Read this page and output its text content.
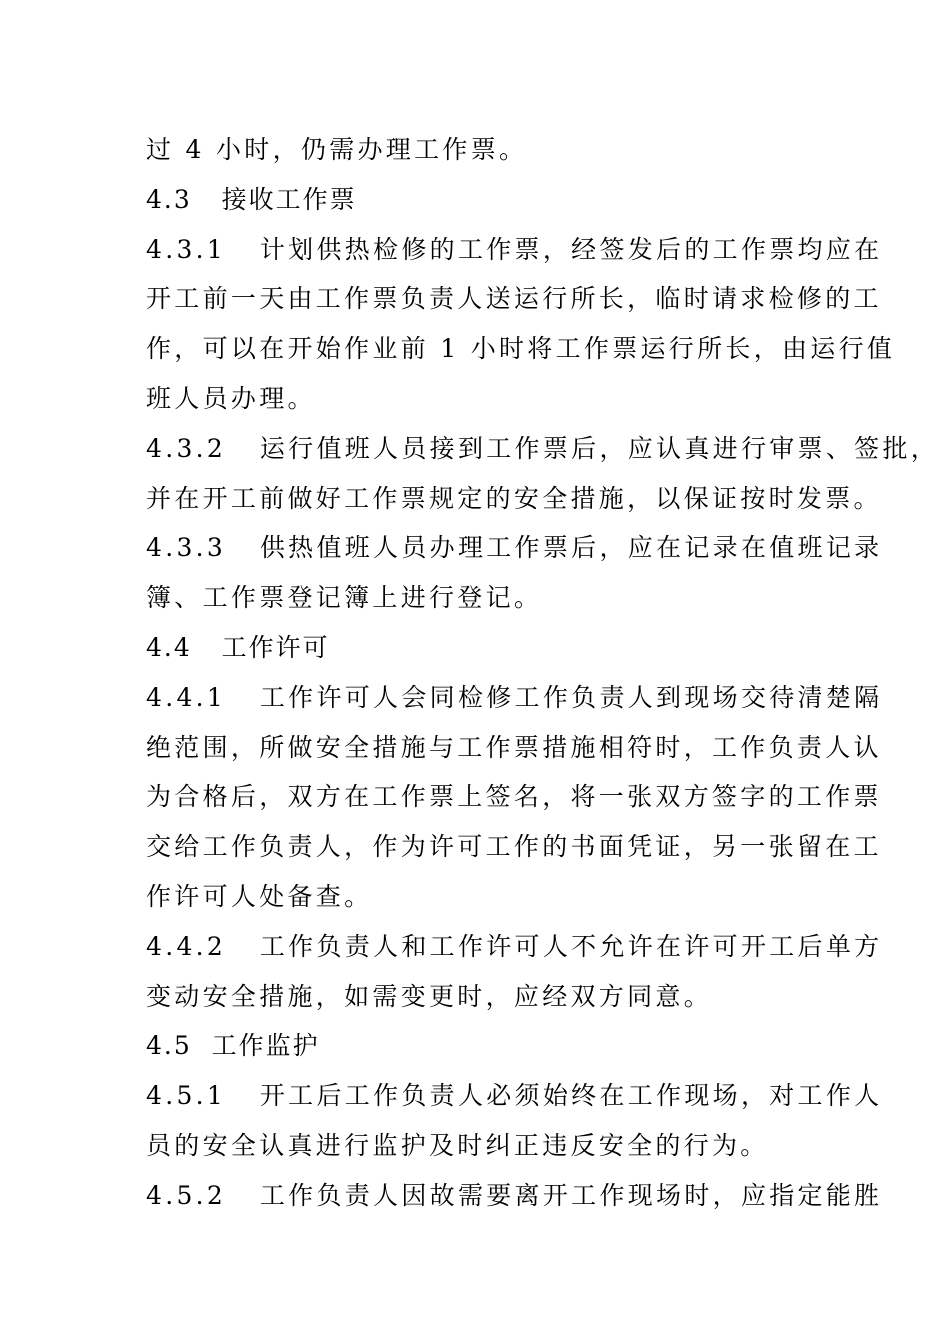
过 4 小时，仍需办理工作票。
4.3   接收工作票
4.3.1   计划供热检修的工作票，经签发后的工作票均应在
开工前一天由工作票负责人送运行所长，临时请求检修的工
作，可以在开始作业前 1 小时将工作票运行所长，由运行值
班人员办理。
4.3.2   运行值班人员接到工作票后，应认真进行审票、签批，
并在开工前做好工作票规定的安全措施，以保证按时发票。
4.3.3   供热值班人员办理工作票后，应在记录在值班记录
簿、工作票登记簿上进行登记。
4.4   工作许可
4.4.1   工作许可人会同检修工作负责人到现场交待清楚隔
绝范围，所做安全措施与工作票措施相符时，工作负责人认
为合格后，双方在工作票上签名，将一张双方签字的工作票
交给工作负责人，作为许可工作的书面凭证，另一张留在工
作许可人处备查。
4.4.2   工作负责人和工作许可人不允许在许可开工后单方
变动安全措施，如需变更时，应经双方同意。
4.5  工作监护
4.5.1   开工后工作负责人必须始终在工作现场，对工作人
员的安全认真进行监护及时纠正违反安全的行为。
4.5.2   工作负责人因故需要离开工作现场时，应指定能胜
